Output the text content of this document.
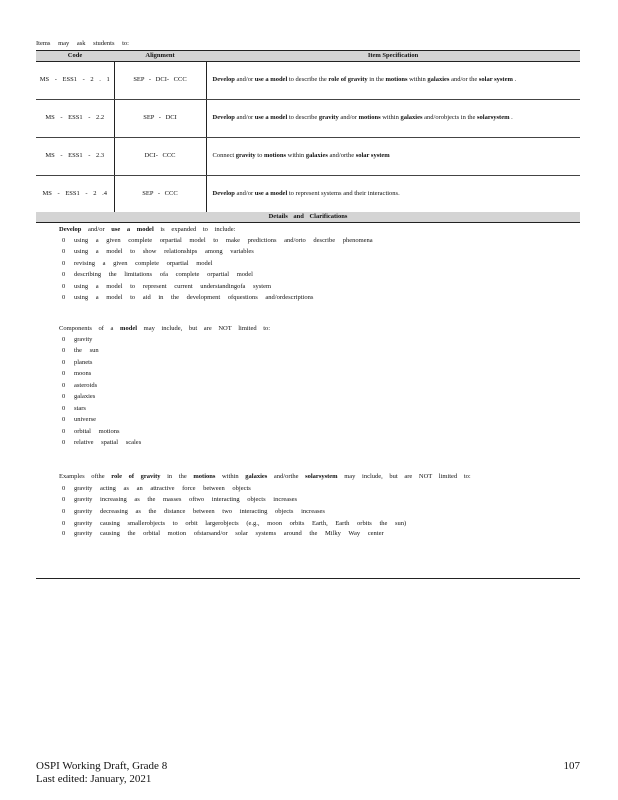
Items may ask students to:
Code	Alignment	Item Specification
MS - ESS1 - 2 . 1	SEP - DCI- CCC	Develop and/or use a model to describe the role of gravity in the motions within galaxies and/or the solar system .
MS - ESS1 - 2.2	SEP - DCI	Develop and/or use a model to describe gravity and/or motions within galaxies and/orobjects in the solarsystem .
MS - ESS1 - 2.3	DCI- CCC	Connect gravity to motions within galaxies and/orthe solar system
MS - ESS1 - 2 .4	SEP - CCC	Develop and/or use a model to represent systems and their interactions.
Details and Clarifications
Develop and/or use a model is expanded to include:
0	using a given complete orpartial model to make predictions and/orto describe phenomena
0	using a model to show relationships among variables
0	revising a given complete orpartial model
0	describing the limitations ofa complete orpartial model
0	using a model to represent current understandingofa system
0	using a model to aid in the development ofquestions and/ordescriptions
Components of a model may include, but are NOT limited to:
0	gravity
0	the sun
0	planets
0	moons
0	asteroids
0	galaxies
0	stars
0	universe
0	orbital motions
0	relative spatial scales
Examples ofthe role of gravity in the motions within galaxies and/orthe solarsystem may include, but are NOT limited to:
0	gravity acting as an attractive force between objects
0	gravity increasing as the masses oftwo interacting objects increases
0	gravity decreasing as the distance between two interacting objects increases
0	gravity causing smallerobjects to orbit largerobjects (e.g., moon orbits Earth, Earth orbits the sun)
0	gravity causing the orbital motion ofstarsand/or solar systems around the Milky Way center
OSPI Working Draft, Grade 8
Last edited: January, 2021
107
